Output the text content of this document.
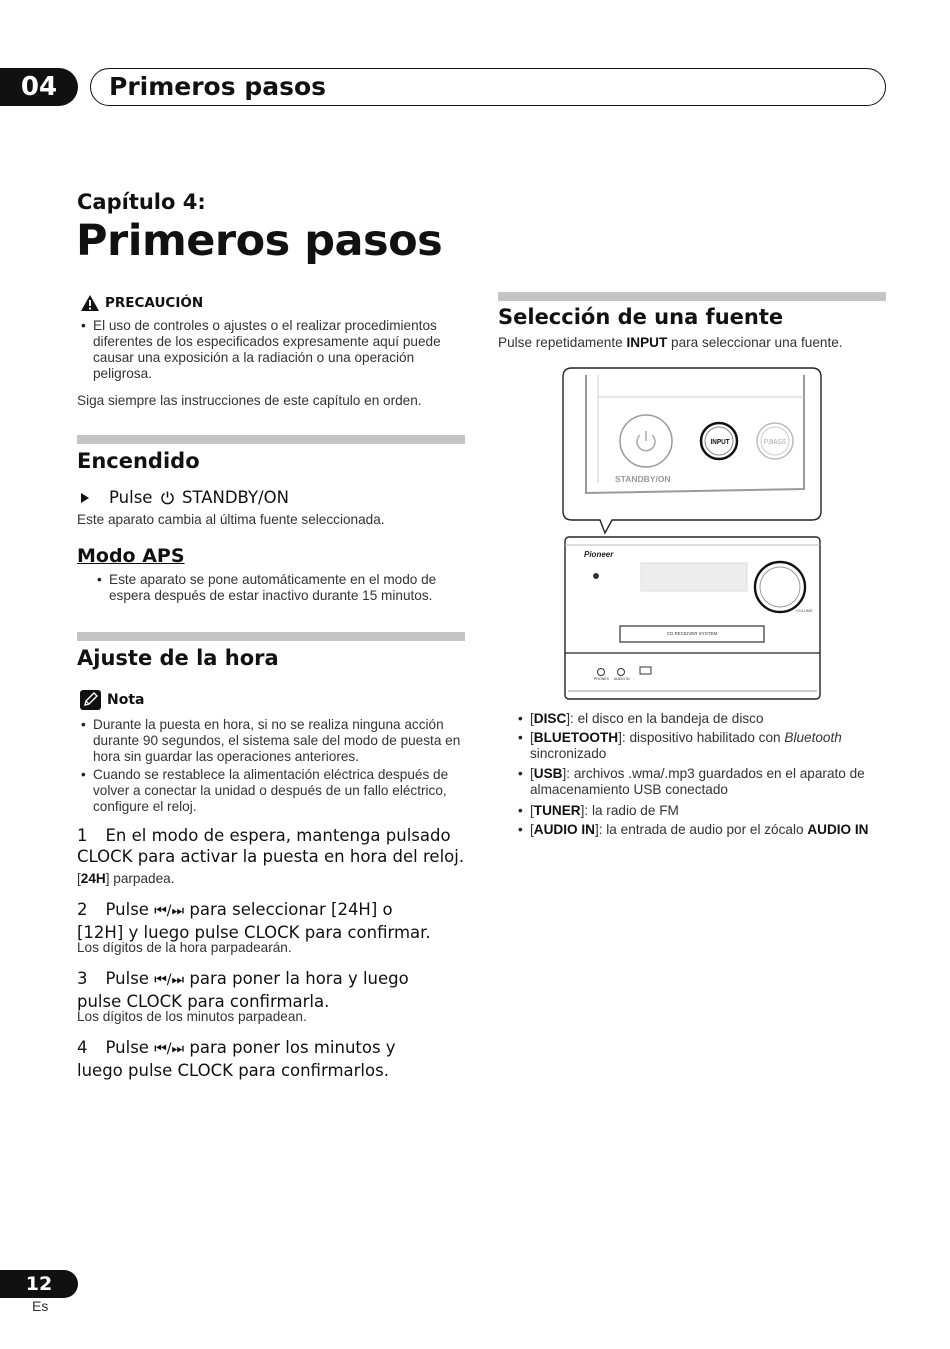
04	Primeros pasos
Capítulo 4:
Primeros pasos
PRECAUCIÓN
• El uso de controles o ajustes o el realizar procedimientos diferentes de los especificados expresamente aquí puede causar una exposición a la radiación o una operación peligrosa.
Siga siempre las instrucciones de este capítulo en orden.
Encendido
Pulse STANDBY/ON
Este aparato cambia al última fuente seleccionada.
Modo APS
• Este aparato se pone automáticamente en el modo de espera después de estar inactivo durante 15 minutos.
Ajuste de la hora
Nota
• Durante la puesta en hora, si no se realiza ninguna acción durante 90 segundos, el sistema sale del modo de puesta en hora sin guardar las operaciones anteriores.
• Cuando se restablece la alimentación eléctrica después de volver a conectar la unidad o después de un fallo eléctrico, configure el reloj.
1 En el modo de espera, mantenga pulsado
CLOCK para activar la puesta en hora del reloj.
[24H] parpadea.
2 Pulse ⏮/⏭ para seleccionar [24H] o
[12H] y luego pulse CLOCK para confirmar.
Los dígitos de la hora parpadearán.
3 Pulse ⏮/⏭ para poner la hora y luego
pulse CLOCK para confirmarla.
Los dígitos de los minutos parpadean.
4 Pulse ⏮/⏭ para poner los minutos y
luego pulse CLOCK para confirmarlos.
Selección de una fuente
Pulse repetidamente INPUT para seleccionar una fuente.
INPUT	P.BASS
STANDBY/ON
Pioneer
VOLUME
CD RECEIVER SYSTEM
PHONES AUDIO IN
• [DISC]: el disco en la bandeja de disco
• [BLUETOOTH]: dispositivo habilitado con Bluetooth sincronizado
• [USB]: archivos .wma/.mp3 guardados en el aparato de almacenamiento USB conectado
• [TUNER]: la radio de FM
• [AUDIO IN]: la entrada de audio por el zócalo AUDIO IN
12
Es
